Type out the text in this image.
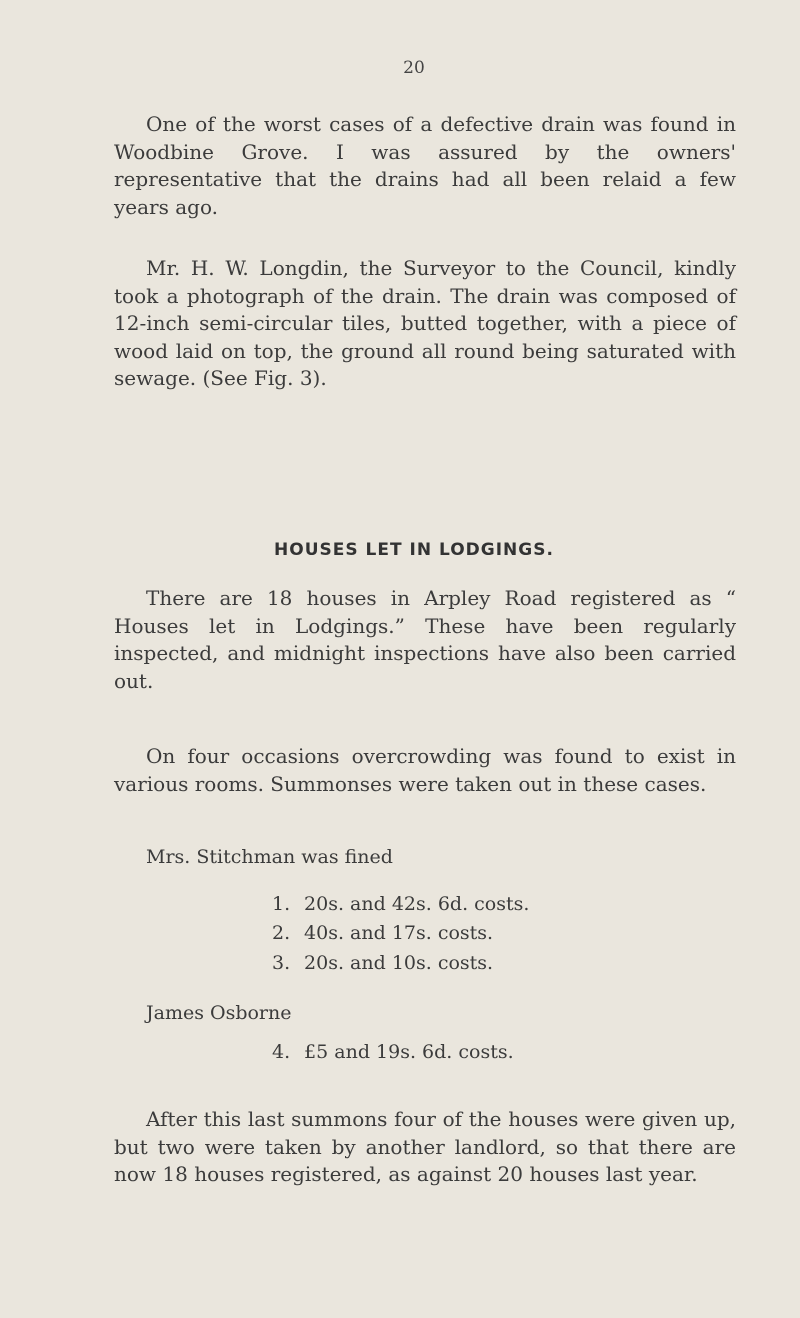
20
One of the worst cases of a defective drain was found in Woodbine Grove. I was assured by the owners' representative that the drains had all been relaid a few years ago.
Mr. H. W. Longdin, the Surveyor to the Council, kindly took a photograph of the drain. The drain was composed of 12-inch semi-circular tiles, butted together, with a piece of wood laid on top, the ground all round being saturated with sewage. (See Fig. 3).
HOUSES LET IN LODGINGS.
There are 18 houses in Arpley Road registered as “ Houses let in Lodgings.” These have been regularly inspected, and midnight inspections have also been carried out.
On four occasions overcrowding was found to exist in various rooms. Summonses were taken out in these cases.
Mrs. Stitchman was fined
1. 20s. and 42s. 6d. costs.
2. 40s. and 17s. costs.
3. 20s. and 10s. costs.
James Osborne
4. £5 and 19s. 6d. costs.
After this last summons four of the houses were given up, but two were taken by another landlord, so that there are now 18 houses registered, as against 20 houses last year.
